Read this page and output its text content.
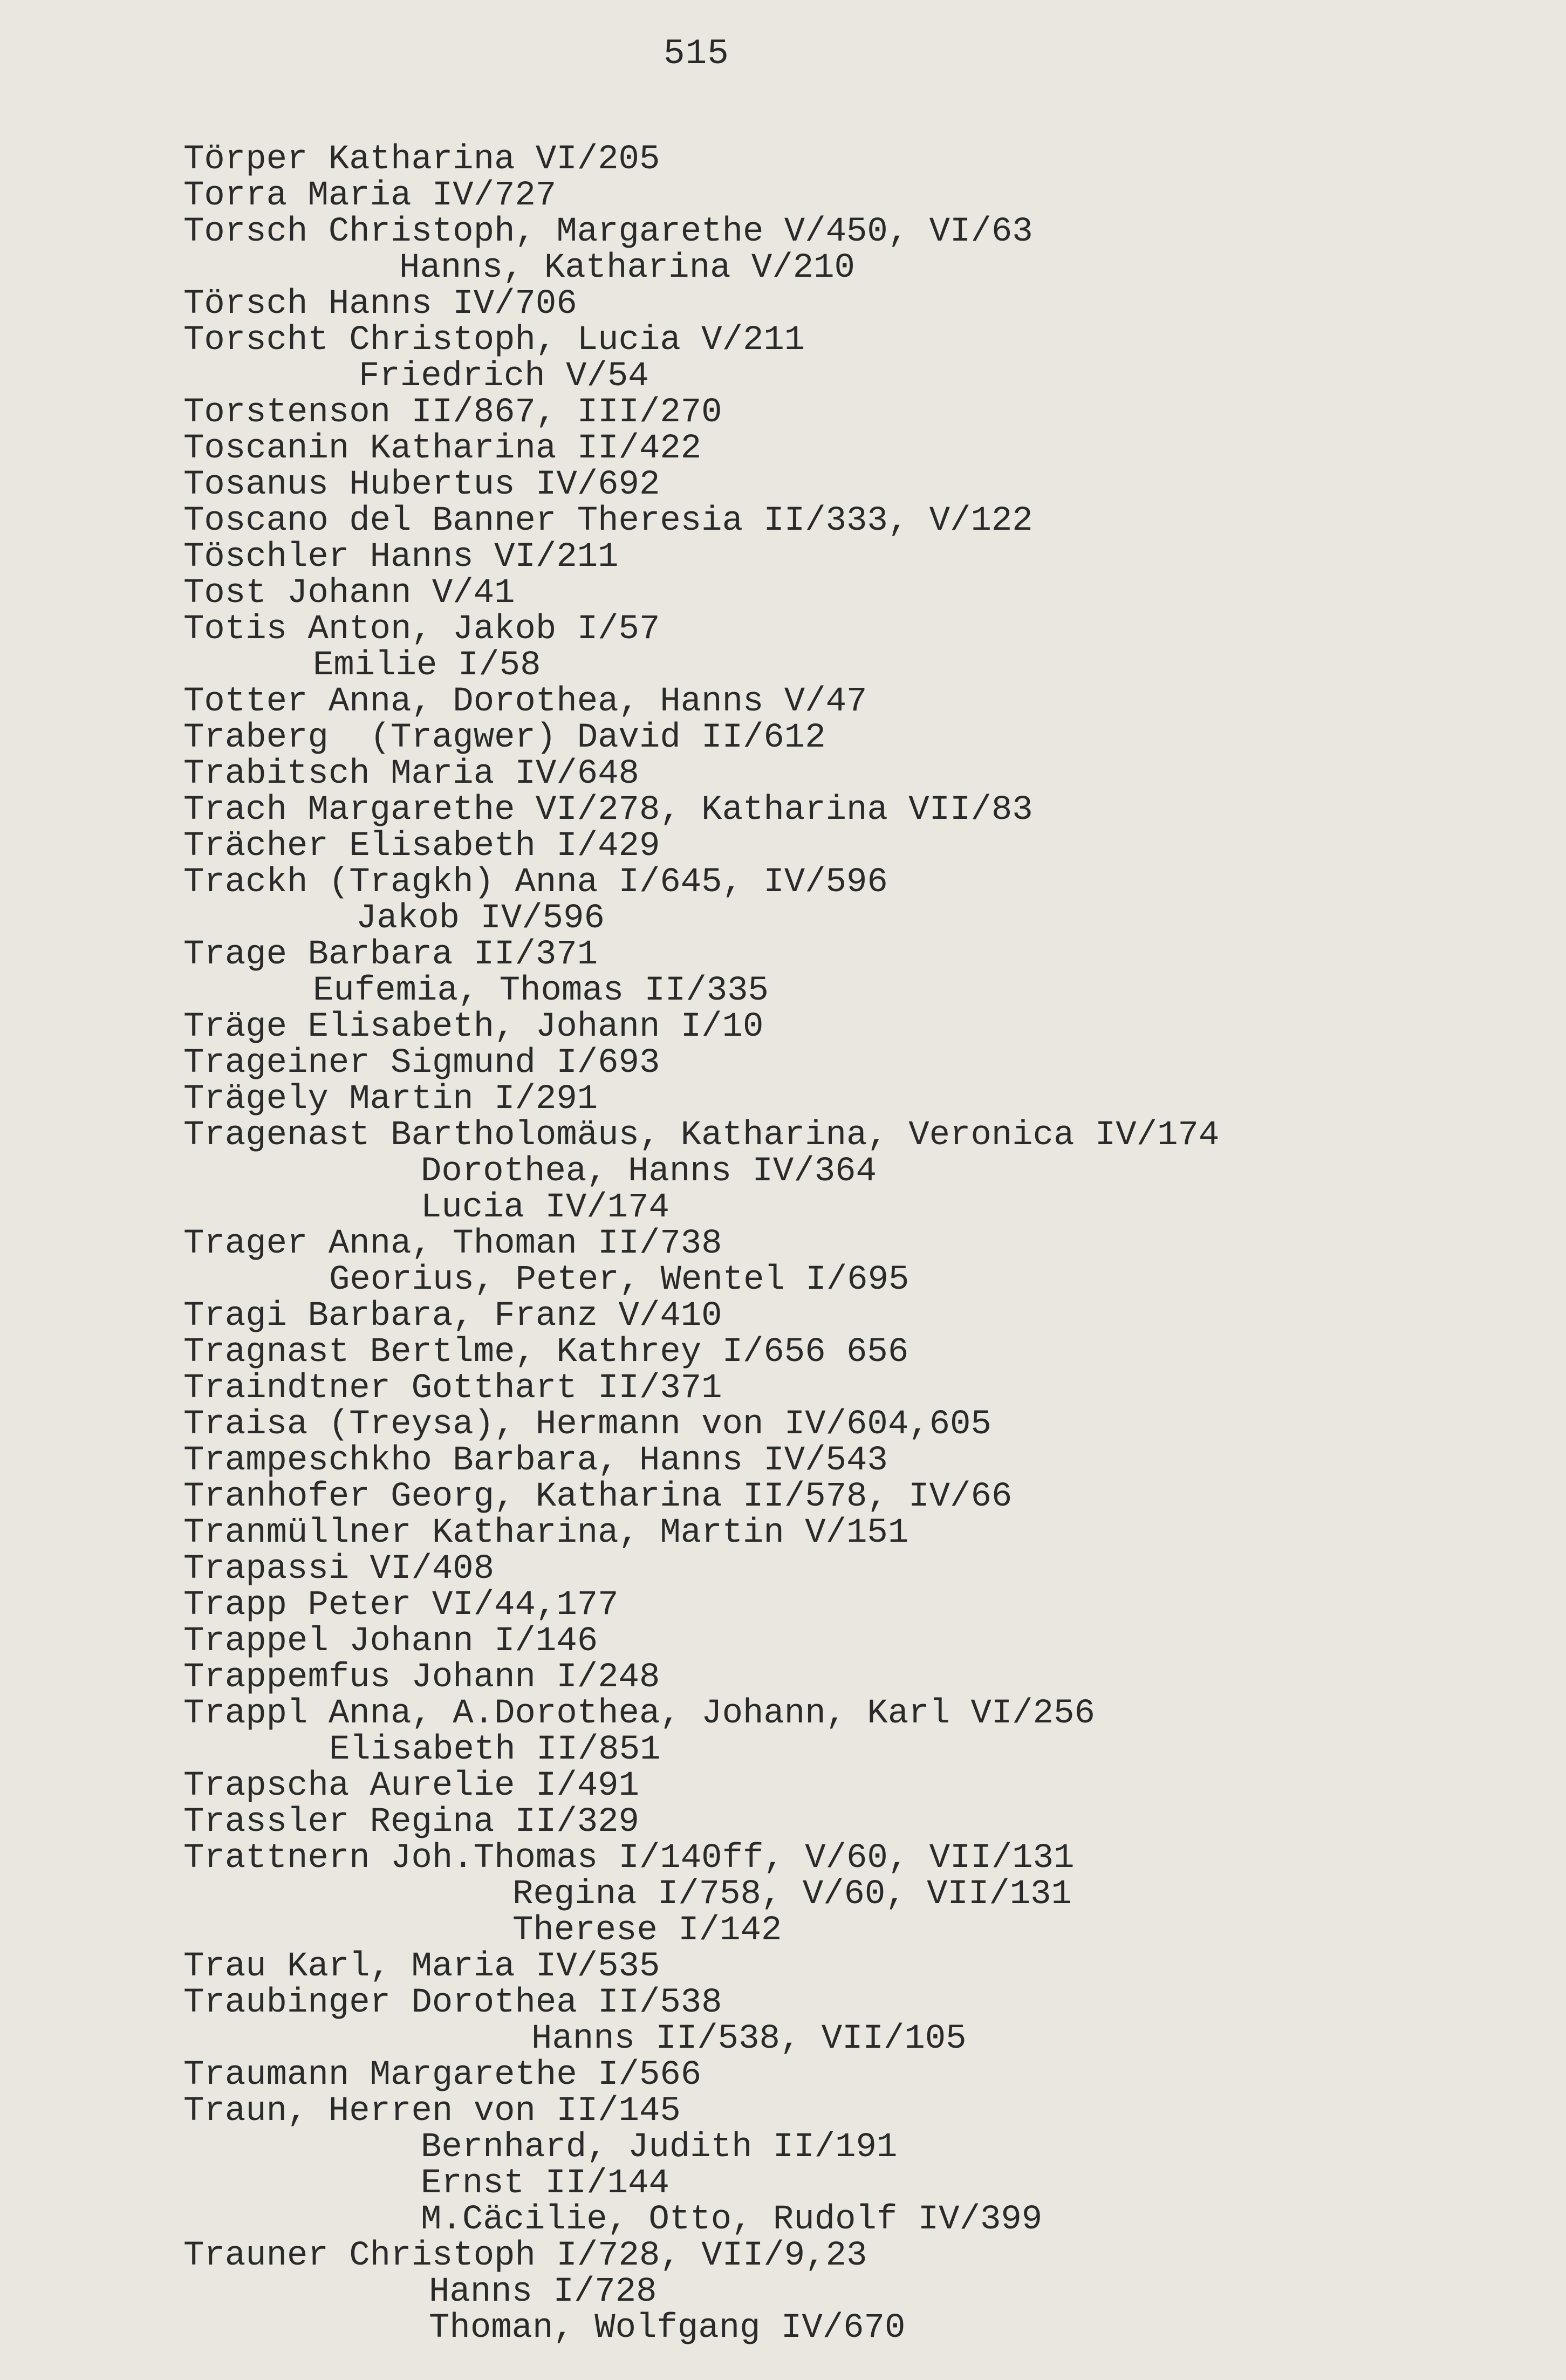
515
Törper Katharina VI/205
Torra Maria IV/727
Torsch Christoph, Margarethe V/450, VI/63
Hanns, Katharina V/210
Törsch Hanns IV/706
Torscht Christoph, Lucia V/211
Friedrich V/54
Torstenson II/867, III/270
Toscanin Katharina II/422
Tosanus Hubertus IV/692
Toscano del Banner Theresia II/333, V/122
Töschler Hanns VI/211
Tost Johann V/41
Totis Anton, Jakob I/57
Emilie I/58
Totter Anna, Dorothea, Hanns V/47
Traberg  (Tragwer) David II/612
Trabitsch Maria IV/648
Trach Margarethe VI/278, Katharina VII/83
Trächer Elisabeth I/429
Trackh (Tragkh) Anna I/645, IV/596
Jakob IV/596
Trage Barbara II/371
Eufemia, Thomas II/335
Träge Elisabeth, Johann I/10
Trageiner Sigmund I/693
Trägely Martin I/291
Tragenast Bartholomäus, Katharina, Veronica IV/174
Dorothea, Hanns IV/364
Lucia IV/174
Trager Anna, Thoman II/738
Georius, Peter, Wentel I/695
Tragi Barbara, Franz V/410
Tragnast Bertlme, Kathrey I/656 656
Traindtner Gotthart II/371
Traisa (Treysa), Hermann von IV/604,605
Trampeschkho Barbara, Hanns IV/543
Tranhofer Georg, Katharina II/578, IV/66
Tranmüllner Katharina, Martin V/151
Trapassi VI/408
Trapp Peter VI/44,177
Trappel Johann I/146
Trappemfus Johann I/248
Trappl Anna, A.Dorothea, Johann, Karl VI/256
Elisabeth II/851
Trapscha Aurelie I/491
Trassler Regina II/329
Trattnern Joh.Thomas I/140ff, V/60, VII/131
Regina I/758, V/60, VII/131
Therese I/142
Trau Karl, Maria IV/535
Traubinger Dorothea II/538
Hanns II/538, VII/105
Traumann Margarethe I/566
Traun, Herren von II/145
Bernhard, Judith II/191
Ernst II/144
M.Cäcilie, Otto, Rudolf IV/399
Trauner Christoph I/728, VII/9,23
Hanns I/728
Thoman, Wolfgang IV/670
